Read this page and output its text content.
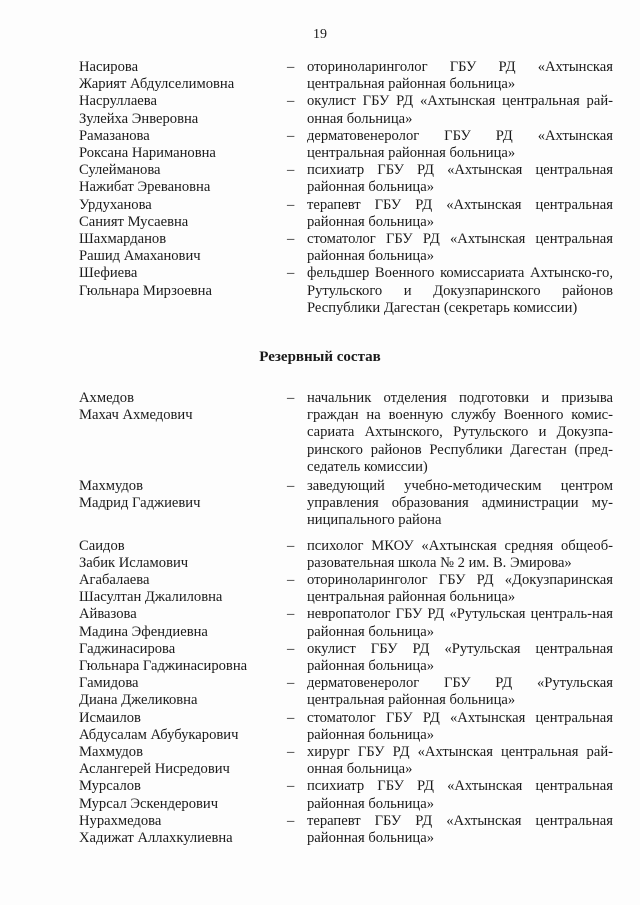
19
Насирова
Жарият Абдулселимовна
– оториноларинголог ГБУ РД «Ахтынская центральная районная больница»
Насруллаева
Зулейха Энверовна
– окулист ГБУ РД «Ахтынская центральная рай-онная больница»
Рамазанова
Роксана Наримановна
– дерматовенеролог ГБУ РД «Ахтынская центральная районная больница»
Сулейманова
Нажибат Эревановна
– психиатр ГБУ РД «Ахтынская центральная районная больница»
Урдуханова
Саният Мусаевна
– терапевт ГБУ РД «Ахтынская центральная районная больница»
Шахмарданов
Рашид Амаханович
– стоматолог ГБУ РД «Ахтынская центральная районная больница»
Шефиева
Гюльнара Мирзоевна
– фельдшер Военного комиссариата Ахтынско-го, Рутульского и Докузпаринского районов Республики Дагестан (секретарь комиссии)
Резервный состав
Ахмедов
Махач Ахмедович
– начальник отделения подготовки и призыва граждан на военную службу Военного комис-сариата Ахтынского, Рутульского и Докузпа-ринского районов Республики Дагестан (пред-седатель комиссии)
Махмудов
Мадрид Гаджиевич
– заведующий учебно-методическим центром управления образования администрации му-ниципального района
Саидов
Забик Исламович
– психолог МКОУ «Ахтынская средняя общеоб-разовательная школа № 2 им. В. Эмирова»
Агабалаева
Шасултан Джалиловна
– оториноларинголог ГБУ РД «Докузпаринская центральная районная больница»
Айвазова
Мадина Эфендиевна
– невропатолог ГБУ РД «Рутульская централь-ная районная больница»
Гаджинасирова
Гюльнара Гаджинасировна
– окулист ГБУ РД «Рутульская центральная районная больница»
Гамидова
Диана Джеликовна
– дерматовенеролог ГБУ РД «Рутульская центральная районная больница»
Исмаилов
Абдусалам Абубукарович
– стоматолог ГБУ РД «Ахтынская центральная районная больница»
Махмудов
Аслангерей Нисредович
– хирург ГБУ РД «Ахтынская центральная рай-онная больница»
Мурсалов
Мурсал Эскендерович
– психиатр ГБУ РД «Ахтынская центральная районная больница»
Нурахмедова
Хадижат Аллахкулиевна
– терапевт ГБУ РД «Ахтынская центральная районная больница»
